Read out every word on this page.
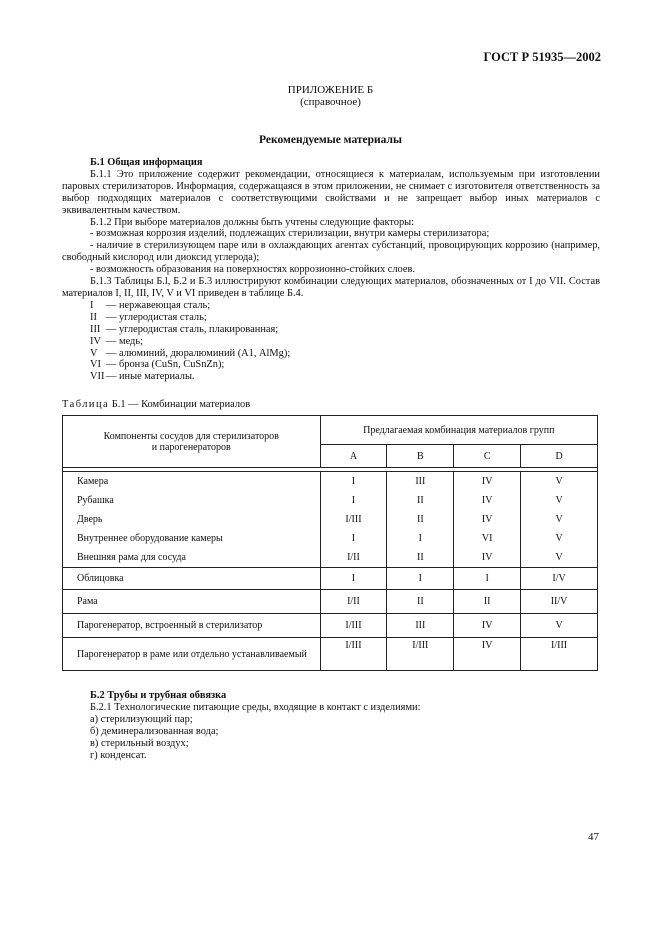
ГОСТ Р 51935—2002
ПРИЛОЖЕНИЕ Б
(справочное)
Рекомендуемые материалы
Б.1 Общая информация

Б.1.1 Это приложение содержит рекомендации, относящиеся к материалам, используемым при изготовлении паровых стерилизаторов. Информация, содержащаяся в этом приложении, не снимает с изготовителя ответственность за выбор подходящих материалов с соответствующими свойствами и не запрещает выбор иных материалов с эквивалентным качеством.

Б.1.2 При выборе материалов должны быть учтены следующие факторы:

- возможная коррозия изделий, подлежащих стерилизации, внутри камеры стерилизатора;

- наличие в стерилизующем паре или в охлаждающих агентах субстанций, провоцирующих коррозию (например, свободный кислород или диоксид углерода);

- возможность образования на поверхностях коррозионно-стойких слоев.

Б.1.3 Таблицы Б.l, Б.2 и Б.3 иллюстрируют комбинации следующих материалов, обозначенных от I до VII. Состав материалов I, II, III, IV, V и VI приведен в таблице Б.4.

I	— нержавеющая сталь;
II — углеродистая сталь;
III — углеродистая сталь, плакированная;
IV — медь;
V — алюминий, дюралюминий (А1, AlMg);
VI — бронза (CuSn, CuSnZn);
VII — иные материалы.
Таблица Б.1 — Комбинации материалов
Компоненты сосудов для стерилизаторов
и парогенераторов	Предлагаемая комбинация материалов групп			
	A	B	C	D

Камера	I	III	IV	V
Рубашка	I	II	IV	V
Дверь	I/III	II	IV	V
Внутреннее оборудование камеры	I	I	VI	V
Внешняя рама для сосуда	I/II	II	IV	V
Облицовка	I	I	I	I/V
Рама	I/II	II	II	II/V
Парогенератор, встроенный в стерилизатор	I/III	III	IV	V
Парогенератор в раме или отдельно устанавливаемый	I/III	I/III	IV	I/III
Б.2 Трубы и трубная обвязка

Б.2.1 Технологические питающие среды, входящие в контакт с изделиями:

а) стерилизующий пар;

б) деминерализованная вода;

в) стерильный воздух;

г) конденсат.

47
